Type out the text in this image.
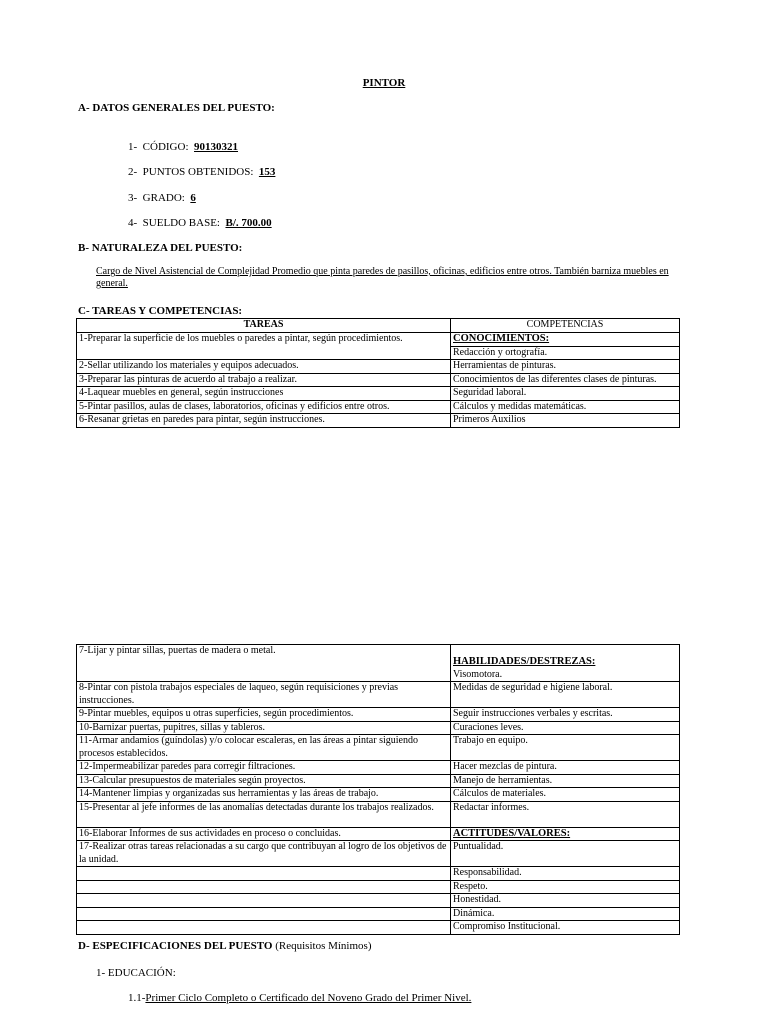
PINTOR
A- DATOS GENERALES DEL PUESTO:
1- CÓDIGO: 90130321
2- PUNTOS OBTENIDOS: 153
3- GRADO: 6
4- SUELDO BASE: B/. 700.00
B- NATURALEZA DEL PUESTO:
Cargo de Nivel Asistencial de Complejidad Promedio que pinta paredes de pasillos, oficinas, edificios entre otros. También barniza muebles en general.
C- TAREAS Y COMPETENCIAS:
TAREAS	COMPETENCIAS
1-Preparar la superficie de los muebles o paredes a pintar, según procedimientos.	CONOCIMIENTOS:
	Redacción y ortografía.
2-Sellar utilizando los materiales y equipos adecuados.	Herramientas de pinturas.
3-Preparar las pinturas de acuerdo al trabajo a realizar.	Conocimientos de las diferentes clases de pinturas.
4-Laquear muebles en general, según instrucciones	Seguridad laboral.
5-Pintar pasillos, aulas de clases, laboratorios, oficinas y edificios entre otros.	Cálculos y medidas matemáticas.
6-Resanar grietas en paredes para pintar, según instrucciones.	Primeros Auxilios
7-Lijar y pintar sillas, puertas de madera o metal.	HABILIDADES/DESTREZAS:
	Visomotora.
8-Pintar con pistola trabajos especiales de laqueo, según requisiciones y previas instrucciones.	Medidas de seguridad e higiene laboral.
9-Pintar muebles, equipos u otras superficies, según procedimientos.	Seguir instrucciones verbales y escritas.
10-Barnizar puertas, pupitres, sillas y tableros.	Curaciones leves.
11-Armar andamios (guíndolas) y/o colocar escaleras, en las áreas a pintar siguiendo procesos establecidos.	Trabajo en equipo.
12-Impermeabilizar paredes para corregir filtraciones.	Hacer mezclas de pintura.
13-Calcular presupuestos de materiales según proyectos.	Manejo de herramientas.
14-Mantener limpias y organizadas sus herramientas y las áreas de trabajo.	Cálculos de materiales.
15-Presentar al jefe informes de las anomalías detectadas durante los trabajos realizados.	Redactar informes.
16-Elaborar Informes de sus actividades en proceso o concluidas.	ACTITUDES/VALORES:
17-Realizar otras tareas relacionadas a su cargo que contribuyan al logro de los objetivos de la unidad.	Puntualidad.
	Responsabilidad.
	Respeto.
	Honestidad.
	Dinámica.
	Compromiso Institucional.
D- ESPECIFICACIONES DEL PUESTO (Requisitos Mínimos)
1- EDUCACIÓN:
1.1-Primer Ciclo Completo o Certificado del Noveno Grado del Primer Nivel.
